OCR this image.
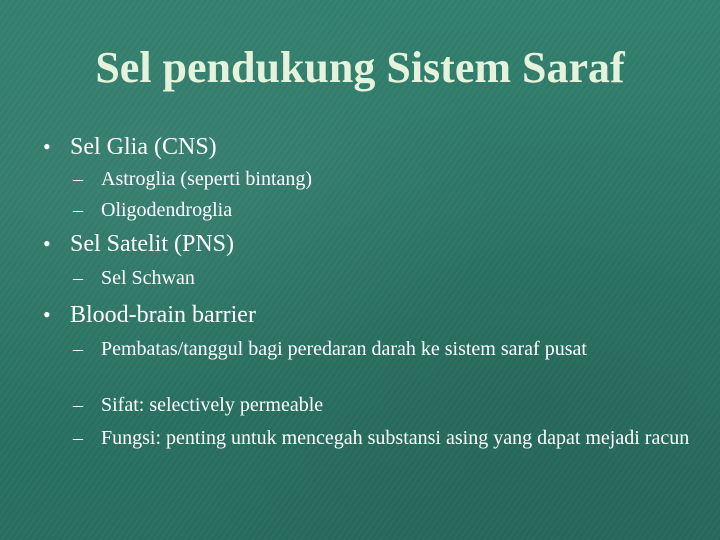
Sel pendukung Sistem Saraf
• Sel Glia (CNS)
– Astroglia (seperti bintang)
– Oligodendroglia
• Sel Satelit (PNS)
– Sel Schwan
• Blood-brain barrier
– Pembatas/tanggul bagi peredaran darah ke sistem saraf pusat
– Sifat: selectively permeable
– Fungsi: penting untuk mencegah substansi asing yang dapat mejadi racun
